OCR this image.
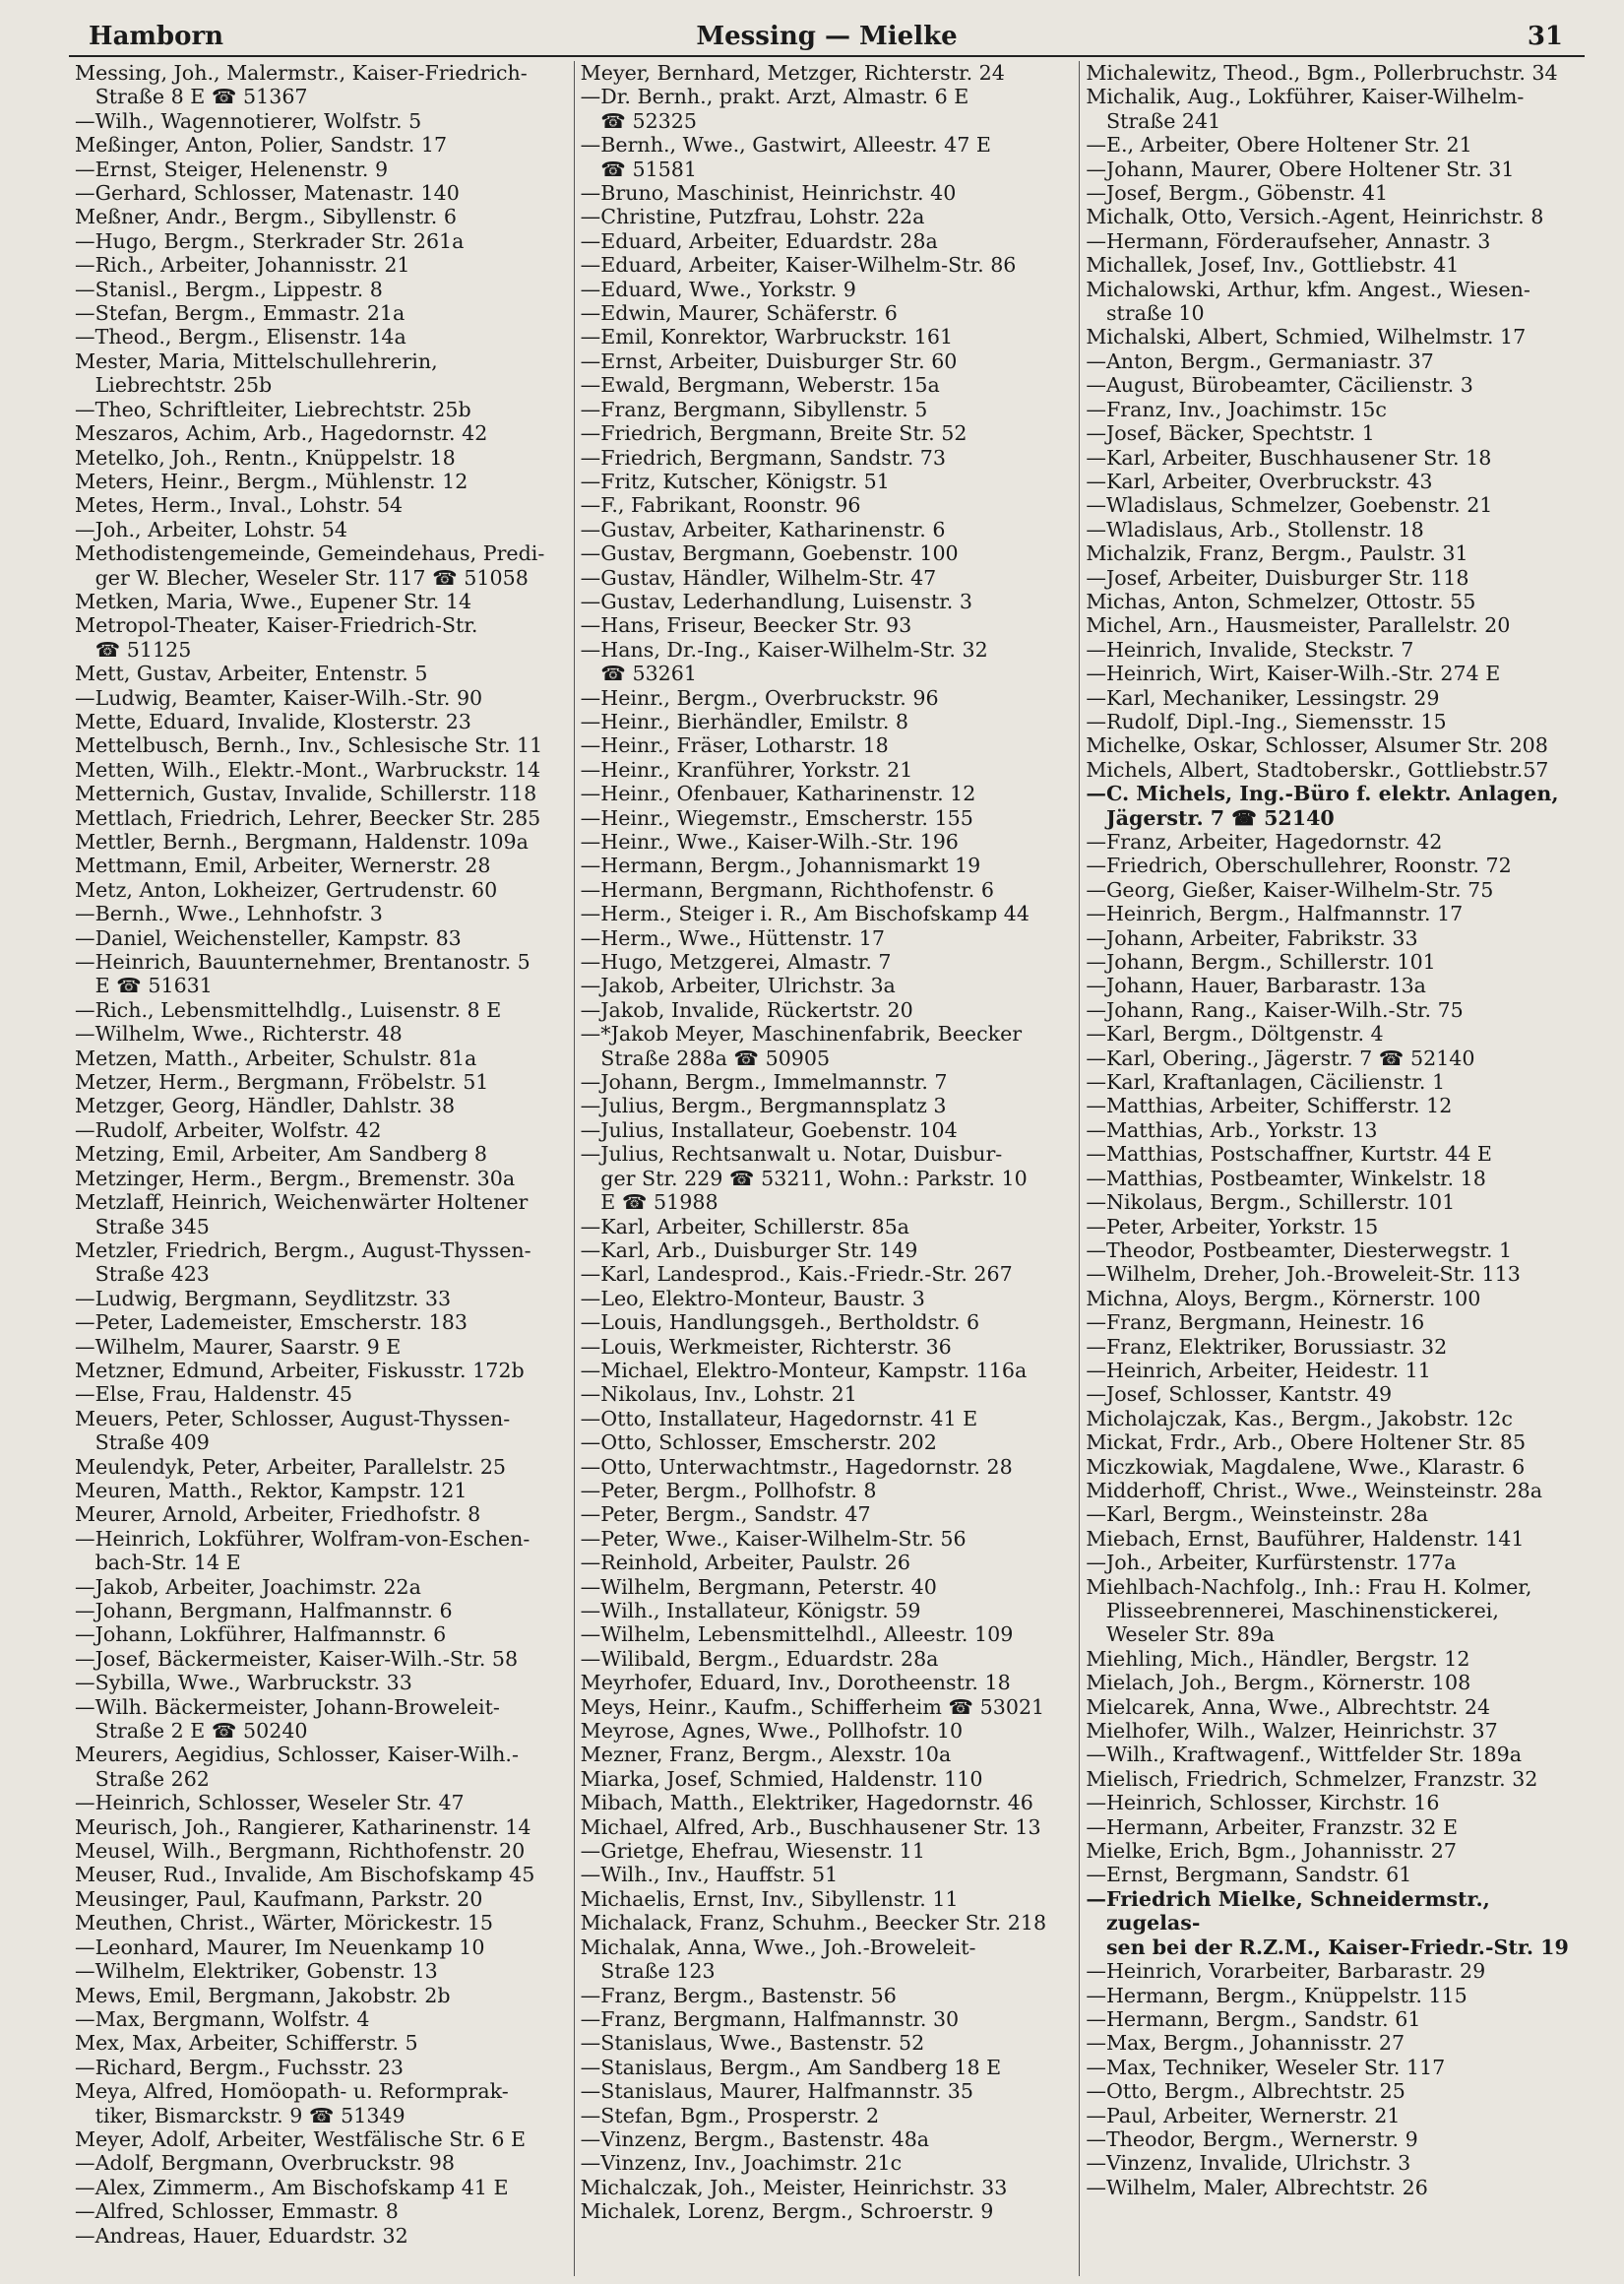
Hamborn	Messing — Mielke	31
Messing, Joh., Malermstr., Kaiser-Friedrich-
Straße 8 E ☎ 51367
—Wilh., Wagennotierer, Wolfstr. 5
Meßinger, Anton, Polier, Sandstr. 17
—Ernst, Steiger, Helenenstr. 9
—Gerhard, Schlosser, Matenastr. 140
Meßner, Andr., Bergm., Sibyllenstr. 6
—Hugo, Bergm., Sterkrader Str. 261a
—Rich., Arbeiter, Johannisstr. 21
—Stanisl., Bergm., Lippestr. 8
—Stefan, Bergm., Emmastr. 21a
—Theod., Bergm., Elisenstr. 14a
Mester, Maria, Mittelschullehrerin,
Liebrechtstr. 25b
—Theo, Schriftleiter, Liebrechtstr. 25b
Meszaros, Achim, Arb., Hagedornstr. 42
Metelko, Joh., Rentn., Knüppelstr. 18
Meters, Heinr., Bergm., Mühlenstr. 12
Metes, Herm., Inval., Lohstr. 54
—Joh., Arbeiter, Lohstr. 54
Methodistengemeinde, Gemeindehaus, Predi-
ger W. Blecher, Weseler Str. 117 ☎ 51058
Metken, Maria, Wwe., Eupener Str. 14
Metropol-Theater, Kaiser-Friedrich-Str.
☎ 51125
Mett, Gustav, Arbeiter, Entenstr. 5
—Ludwig, Beamter, Kaiser-Wilh.-Str. 90
Mette, Eduard, Invalide, Klosterstr. 23
Mettelbusch, Bernh., Inv., Schlesische Str. 11
Metten, Wilh., Elektr.-Mont., Warbruckstr. 14
Metternich, Gustav, Invalide, Schillerstr. 118
Mettlach, Friedrich, Lehrer, Beecker Str. 285
Mettler, Bernh., Bergmann, Haldenstr. 109a
Mettmann, Emil, Arbeiter, Wernerstr. 28
Metz, Anton, Lokheizer, Gertrudenstr. 60
—Bernh., Wwe., Lehnhofstr. 3
—Daniel, Weichensteller, Kampstr. 83
—Heinrich, Bauunternehmer, Brentanostr. 5
E ☎ 51631
—Rich., Lebensmittelhdlg., Luisenstr. 8 E
—Wilhelm, Wwe., Richterstr. 48
Metzen, Matth., Arbeiter, Schulstr. 81a
Metzer, Herm., Bergmann, Fröbelstr. 51
Metzger, Georg, Händler, Dahlstr. 38
—Rudolf, Arbeiter, Wolfstr. 42
Metzing, Emil, Arbeiter, Am Sandberg 8
Metzinger, Herm., Bergm., Bremenstr. 30a
Metzlaff, Heinrich, Weichenwärter Holtener
Straße 345
Metzler, Friedrich, Bergm., August-Thyssen-
Straße 423
—Ludwig, Bergmann, Seydlitzstr. 33
—Peter, Lademeister, Emscherstr. 183
—Wilhelm, Maurer, Saarstr. 9 E
Metzner, Edmund, Arbeiter, Fiskusstr. 172b
—Else, Frau, Haldenstr. 45
Meuers, Peter, Schlosser, August-Thyssen-
Straße 409
Meulendyk, Peter, Arbeiter, Parallelstr. 25
Meuren, Matth., Rektor, Kampstr. 121
Meurer, Arnold, Arbeiter, Friedhofstr. 8
—Heinrich, Lokführer, Wolfram-von-Eschen-
bach-Str. 14 E
—Jakob, Arbeiter, Joachimstr. 22a
—Johann, Bergmann, Halfmannstr. 6
—Johann, Lokführer, Halfmannstr. 6
—Josef, Bäckermeister, Kaiser-Wilh.-Str. 58
—Sybilla, Wwe., Warbruckstr. 33
—Wilh. Bäckermeister, Johann-Broweleit-
Straße 2 E ☎ 50240
Meurers, Aegidius, Schlosser, Kaiser-Wilh.-
Straße 262
—Heinrich, Schlosser, Weseler Str. 47
Meurisch, Joh., Rangierer, Katharinenstr. 14
Meusel, Wilh., Bergmann, Richthofenstr. 20
Meuser, Rud., Invalide, Am Bischofskamp 45
Meusinger, Paul, Kaufmann, Parkstr. 20
Meuthen, Christ., Wärter, Mörickestr. 15
—Leonhard, Maurer, Im Neuenkamp 10
—Wilhelm, Elektriker, Gobenstr. 13
Mews, Emil, Bergmann, Jakobstr. 2b
—Max, Bergmann, Wolfstr. 4
Mex, Max, Arbeiter, Schifferstr. 5
—Richard, Bergm., Fuchsstr. 23
Meya, Alfred, Homöopath- u. Reformprak-
tiker, Bismarckstr. 9 ☎ 51349
Meyer, Adolf, Arbeiter, Westfälische Str. 6 E
—Adolf, Bergmann, Overbruckstr. 98
—Alex, Zimmerm., Am Bischofskamp 41 E
—Alfred, Schlosser, Emmastr. 8
—Andreas, Hauer, Eduardstr. 32
Meyer, Bernhard, Metzger, Richterstr. 24
—Dr. Bernh., prakt. Arzt, Almastr. 6 E
☎ 52325
—Bernh., Wwe., Gastwirt, Alleestr. 47 E
☎ 51581
—Bruno, Maschinist, Heinrichstr. 40
—Christine, Putzfrau, Lohstr. 22a
—Eduard, Arbeiter, Eduardstr. 28a
—Eduard, Arbeiter, Kaiser-Wilhelm-Str. 86
—Eduard, Wwe., Yorkstr. 9
—Edwin, Maurer, Schäferstr. 6
—Emil, Konrektor, Warbruckstr. 161
—Ernst, Arbeiter, Duisburger Str. 60
—Ewald, Bergmann, Weberstr. 15a
—Franz, Bergmann, Sibyllenstr. 5
—Friedrich, Bergmann, Breite Str. 52
—Friedrich, Bergmann, Sandstr. 73
—Fritz, Kutscher, Königstr. 51
—F., Fabrikant, Roonstr. 96
—Gustav, Arbeiter, Katharinenstr. 6
—Gustav, Bergmann, Goebenstr. 100
—Gustav, Händler, Wilhelm-Str. 47
—Gustav, Lederhandlung, Luisenstr. 3
—Hans, Friseur, Beecker Str. 93
—Hans, Dr.-Ing., Kaiser-Wilhelm-Str. 32
☎ 53261
—Heinr., Bergm., Overbruckstr. 96
—Heinr., Bierhändler, Emilstr. 8
—Heinr., Fräser, Lotharstr. 18
—Heinr., Kranführer, Yorkstr. 21
—Heinr., Ofenbauer, Katharinenstr. 12
—Heinr., Wiegemstr., Emscherstr. 155
—Heinr., Wwe., Kaiser-Wilh.-Str. 196
—Hermann, Bergm., Johannismarkt 19
—Hermann, Bergmann, Richthofenstr. 6
—Herm., Steiger i. R., Am Bischofskamp 44
—Herm., Wwe., Hüttenstr. 17
—Hugo, Metzgerei, Almastr. 7
—Jakob, Arbeiter, Ulrichstr. 3a
—Jakob, Invalide, Rückertstr. 20
—*Jakob Meyer, Maschinenfabrik, Beecker
Straße 288a ☎ 50905
—Johann, Bergm., Immelmannstr. 7
—Julius, Bergm., Bergmannsplatz 3
—Julius, Installateur, Goebenstr. 104
—Julius, Rechtsanwalt u. Notar, Duisbur-
ger Str. 229 ☎ 53211, Wohn.: Parkstr. 10
E ☎ 51988
—Karl, Arbeiter, Schillerstr. 85a
—Karl, Arb., Duisburger Str. 149
—Karl, Landesprod., Kais.-Friedr.-Str. 267
—Leo, Elektro-Monteur, Baustr. 3
—Louis, Handlungsgeh., Bertholdstr. 6
—Louis, Werkmeister, Richterstr. 36
—Michael, Elektro-Monteur, Kampstr. 116a
—Nikolaus, Inv., Lohstr. 21
—Otto, Installateur, Hagedornstr. 41 E
—Otto, Schlosser, Emscherstr. 202
—Otto, Unterwachtmstr., Hagedornstr. 28
—Peter, Bergm., Pollhofstr. 8
—Peter, Bergm., Sandstr. 47
—Peter, Wwe., Kaiser-Wilhelm-Str. 56
—Reinhold, Arbeiter, Paulstr. 26
—Wilhelm, Bergmann, Peterstr. 40
—Wilh., Installateur, Königstr. 59
—Wilhelm, Lebensmittelhdl., Alleestr. 109
—Wilibald, Bergm., Eduardstr. 28a
Meyrhofer, Eduard, Inv., Dorotheenstr. 18
Meys, Heinr., Kaufm., Schifferheim ☎ 53021
Meyrose, Agnes, Wwe., Pollhofstr. 10
Mezner, Franz, Bergm., Alexstr. 10a
Miarka, Josef, Schmied, Haldenstr. 110
Mibach, Matth., Elektriker, Hagedornstr. 46
Michael, Alfred, Arb., Buschhausener Str. 13
—Grietge, Ehefrau, Wiesenstr. 11
—Wilh., Inv., Hauffstr. 51
Michaelis, Ernst, Inv., Sibyllenstr. 11
Michalack, Franz, Schuhm., Beecker Str. 218
Michalak, Anna, Wwe., Joh.-Broweleit-
Straße 123
—Franz, Bergm., Bastenstr. 56
—Franz, Bergmann, Halfmannstr. 30
—Stanislaus, Wwe., Bastenstr. 52
—Stanislaus, Bergm., Am Sandberg 18 E
—Stanislaus, Maurer, Halfmannstr. 35
—Stefan, Bgm., Prosperstr. 2
—Vinzenz, Bergm., Bastenstr. 48a
—Vinzenz, Inv., Joachimstr. 21c
Michalczak, Joh., Meister, Heinrichstr. 33
Michalek, Lorenz, Bergm., Schroerstr. 9
Michalewitz, Theod., Bgm., Pollerbruchstr. 34
Michalik, Aug., Lokführer, Kaiser-Wilhelm-
Straße 241
—E., Arbeiter, Obere Holtener Str. 21
—Johann, Maurer, Obere Holtener Str. 31
—Josef, Bergm., Göbenstr. 41
Michalk, Otto, Versich.-Agent, Heinrichstr. 8
—Hermann, Förderaufseher, Annastr. 3
Michallek, Josef, Inv., Gottliebstr. 41
Michalowski, Arthur, kfm. Angest., Wiesen-
straße 10
Michalski, Albert, Schmied, Wilhelmstr. 17
—Anton, Bergm., Germaniastr. 37
—August, Bürobeamter, Cäcilienstr. 3
—Franz, Inv., Joachimstr. 15c
—Josef, Bäcker, Spechtstr. 1
—Karl, Arbeiter, Buschhausener Str. 18
—Karl, Arbeiter, Overbruckstr. 43
—Wladislaus, Schmelzer, Goebenstr. 21
—Wladislaus, Arb., Stollenstr. 18
Michalzik, Franz, Bergm., Paulstr. 31
—Josef, Arbeiter, Duisburger Str. 118
Michas, Anton, Schmelzer, Ottostr. 55
Michel, Arn., Hausmeister, Parallelstr. 20
—Heinrich, Invalide, Steckstr. 7
—Heinrich, Wirt, Kaiser-Wilh.-Str. 274 E
—Karl, Mechaniker, Lessingstr. 29
—Rudolf, Dipl.-Ing., Siemensstr. 15
Michelke, Oskar, Schlosser, Alsumer Str. 208
Michels, Albert, Stadtoberskr., Gottliebstr.57
—C. Michels, Ing.-Büro f. elektr. Anlagen,
Jägerstr. 7 ☎ 52140
—Franz, Arbeiter, Hagedornstr. 42
—Friedrich, Oberschullehrer, Roonstr. 72
—Georg, Gießer, Kaiser-Wilhelm-Str. 75
—Heinrich, Bergm., Halfmannstr. 17
—Johann, Arbeiter, Fabrikstr. 33
—Johann, Bergm., Schillerstr. 101
—Johann, Hauer, Barbarastr. 13a
—Johann, Rang., Kaiser-Wilh.-Str. 75
—Karl, Bergm., Döltgenstr. 4
—Karl, Obering., Jägerstr. 7 ☎ 52140
—Karl, Kraftanlagen, Cäcilienstr. 1
—Matthias, Arbeiter, Schifferstr. 12
—Matthias, Arb., Yorkstr. 13
—Matthias, Postschaffner, Kurtstr. 44 E
—Matthias, Postbeamter, Winkelstr. 18
—Nikolaus, Bergm., Schillerstr. 101
—Peter, Arbeiter, Yorkstr. 15
—Theodor, Postbeamter, Diesterwegstr. 1
—Wilhelm, Dreher, Joh.-Broweleit-Str. 113
Michna, Aloys, Bergm., Körnerstr. 100
—Franz, Bergmann, Heinestr. 16
—Franz, Elektriker, Borussiastr. 32
—Heinrich, Arbeiter, Heidestr. 11
—Josef, Schlosser, Kantstr. 49
Micholajczak, Kas., Bergm., Jakobstr. 12c
Mickat, Frdr., Arb., Obere Holtener Str. 85
Miczkowiak, Magdalene, Wwe., Klarastr. 6
Midderhoff, Christ., Wwe., Weinsteinstr. 28a
—Karl, Bergm., Weinsteinstr. 28a
Miebach, Ernst, Bauführer, Haldenstr. 141
—Joh., Arbeiter, Kurfürstenstr. 177a
Miehlbach-Nachfolg., Inh.: Frau H. Kolmer,
Plisseebrennerei, Maschinenstickerei,
Weseler Str. 89a
Miehling, Mich., Händler, Bergstr. 12
Mielach, Joh., Bergm., Körnerstr. 108
Mielcarek, Anna, Wwe., Albrechtstr. 24
Mielhofer, Wilh., Walzer, Heinrichstr. 37
—Wilh., Kraftwagenf., Wittfelder Str. 189a
Mielisch, Friedrich, Schmelzer, Franzstr. 32
—Heinrich, Schlosser, Kirchstr. 16
—Hermann, Arbeiter, Franzstr. 32 E
Mielke, Erich, Bgm., Johannisstr. 27
—Ernst, Bergmann, Sandstr. 61
—Friedrich Mielke, Schneidermstr., zugelas-
sen bei der R.Z.M., Kaiser-Friedr.-Str. 19
—Heinrich, Vorarbeiter, Barbarastr. 29
—Hermann, Bergm., Knüppelstr. 115
—Hermann, Bergm., Sandstr. 61
—Max, Bergm., Johannisstr. 27
—Max, Techniker, Weseler Str. 117
—Otto, Bergm., Albrechtstr. 25
—Paul, Arbeiter, Wernerstr. 21
—Theodor, Bergm., Wernerstr. 9
—Vinzenz, Invalide, Ulrichstr. 3
—Wilhelm, Maler, Albrechtstr. 26
